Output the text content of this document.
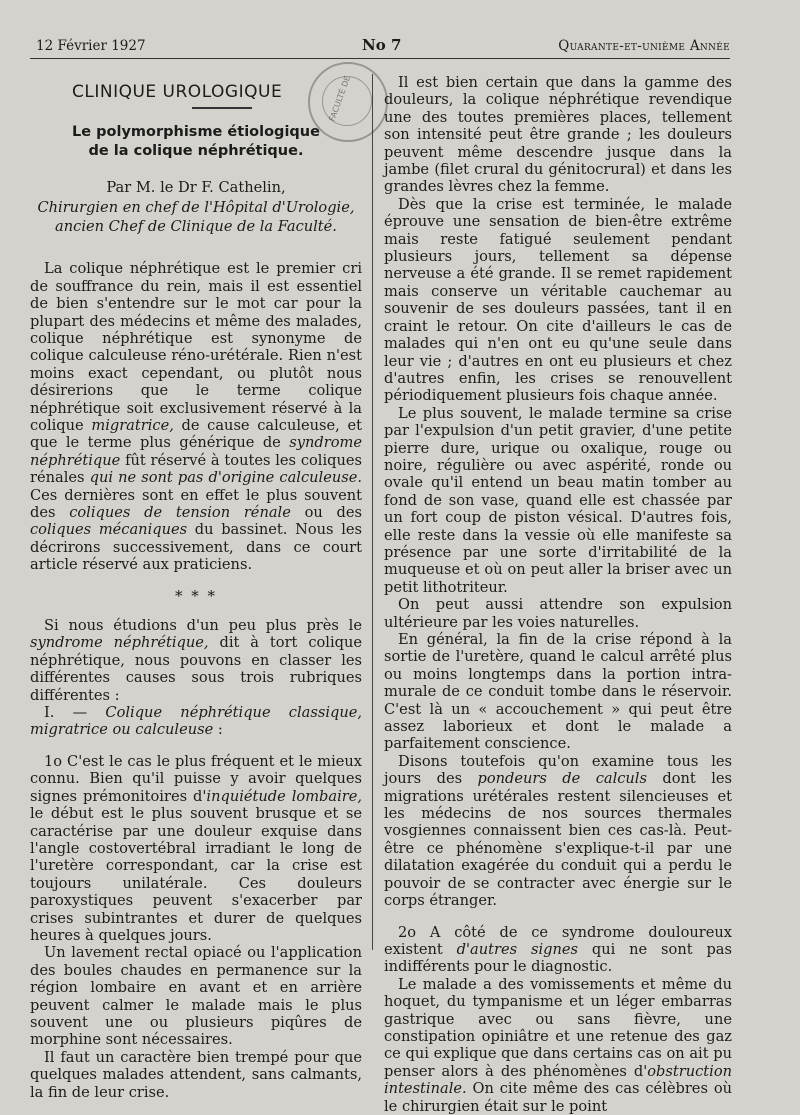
12 Février 1927	No 7	Quarante-et-unième Année
FACULTÉ DE
CLINIQUE UROLOGIQUE
Le polymorphisme étiologique
de la colique néphrétique.
Par M. le Dr F. Cathelin,
Chirurgien en chef de l'Hôpital d'Urologie,
ancien Chef de Clinique de la Faculté.

La colique néphrétique est le premier cri de souffrance du rein, mais il est essentiel de bien s'entendre sur le mot car pour la plupart des médecins et même des malades, colique néphrétique est synonyme de colique calculeuse réno-urétérale. Rien n'est moins exact cependant, ou plutôt nous désirerions que le terme colique néphrétique soit exclusivement réservé à la colique migratrice, de cause calculeuse, et que le terme plus générique de syndrome néphrétique fût réservé à toutes les coliques rénales qui ne sont pas d'origine calculeuse. Ces dernières sont en effet le plus souvent des coliques de tension rénale ou des coliques mécaniques du bassinet. Nous les décrirons successivement, dans ce court article réservé aux praticiens.

* * *

Si nous étudions d'un peu plus près le syndrome néphrétique, dit à tort colique néphrétique, nous pouvons en classer les différentes causes sous trois rubriques différentes :

I. — Colique néphrétique classique, migratrice ou calculeuse :

1o C'est le cas le plus fréquent et le mieux connu. Bien qu'il puisse y avoir quelques signes prémonitoires d'inquiétude lombaire, le début est le plus souvent brusque et se caractérise par une douleur exquise dans l'angle costovertébral irradiant le long de l'uretère correspondant, car la crise est toujours unilatérale. Ces douleurs paroxystiques peuvent s'exacerber par crises subintrantes et durer de quelques heures à quelques jours.

Un lavement rectal opiacé ou l'application des boules chaudes en permanence sur la région lombaire en avant et en arrière peuvent calmer le malade mais le plus souvent une ou plusieurs piqûres de morphine sont nécessaires.

Il faut un caractère bien trempé pour que quelques malades attendent, sans calmants, la fin de leur crise.

Il est bien certain que dans la gamme des douleurs, la colique néphrétique revendique une des toutes premières places, tellement son intensité peut être grande ; les douleurs peuvent même descendre jusque dans la jambe (filet crural du génitocrural) et dans les grandes lèvres chez la femme.

Dès que la crise est terminée, le malade éprouve une sensation de bien-être extrême mais reste fatigué seulement pendant plusieurs jours, tellement sa dépense nerveuse a été grande. Il se remet rapidement mais conserve un véritable cauchemar au souvenir de ses douleurs passées, tant il en craint le retour. On cite d'ailleurs le cas de malades qui n'en ont eu qu'une seule dans leur vie ; d'autres en ont eu plusieurs et chez d'autres enfin, les crises se renouvellent périodiquement plusieurs fois chaque année.

Le plus souvent, le malade termine sa crise par l'expulsion d'un petit gravier, d'une petite pierre dure, urique ou oxalique, rouge ou noire, régulière ou avec aspérité, ronde ou ovale qu'il entend un beau matin tomber au fond de son vase, quand elle est chassée par un fort coup de piston vésical. D'autres fois, elle reste dans la vessie où elle manifeste sa présence par une sorte d'irritabilité de la muqueuse et où on peut aller la briser avec un petit lithotriteur.

On peut aussi attendre son expulsion ultérieure par les voies naturelles.

En général, la fin de la crise répond à la sortie de l'uretère, quand le calcul arrêté plus ou moins longtemps dans la portion intra-murale de ce conduit tombe dans le réservoir. C'est là un « accouchement » qui peut être assez laborieux et dont le malade a parfaitement conscience.

Disons toutefois qu'on examine tous les jours des pondeurs de calculs dont les migrations urétérales restent silencieuses et les médecins de nos sources thermales vosgiennes connaissent bien ces cas-là. Peut-être ce phénomène s'explique-t-il par une dilatation exagérée du conduit qui a perdu le pouvoir de se contracter avec énergie sur le corps étranger.

2o A côté de ce syndrome douloureux existent d'autres signes qui ne sont pas indifférents pour le diagnostic.

Le malade a des vomissements et même du hoquet, du tympanisme et un léger embarras gastrique avec ou sans fièvre, une constipation opiniâtre et une retenue des gaz ce qui explique que dans certains cas on ait pu penser alors à des phénomènes d'obstruction intestinale. On cite même des cas célèbres où le chirurgien était sur le point
